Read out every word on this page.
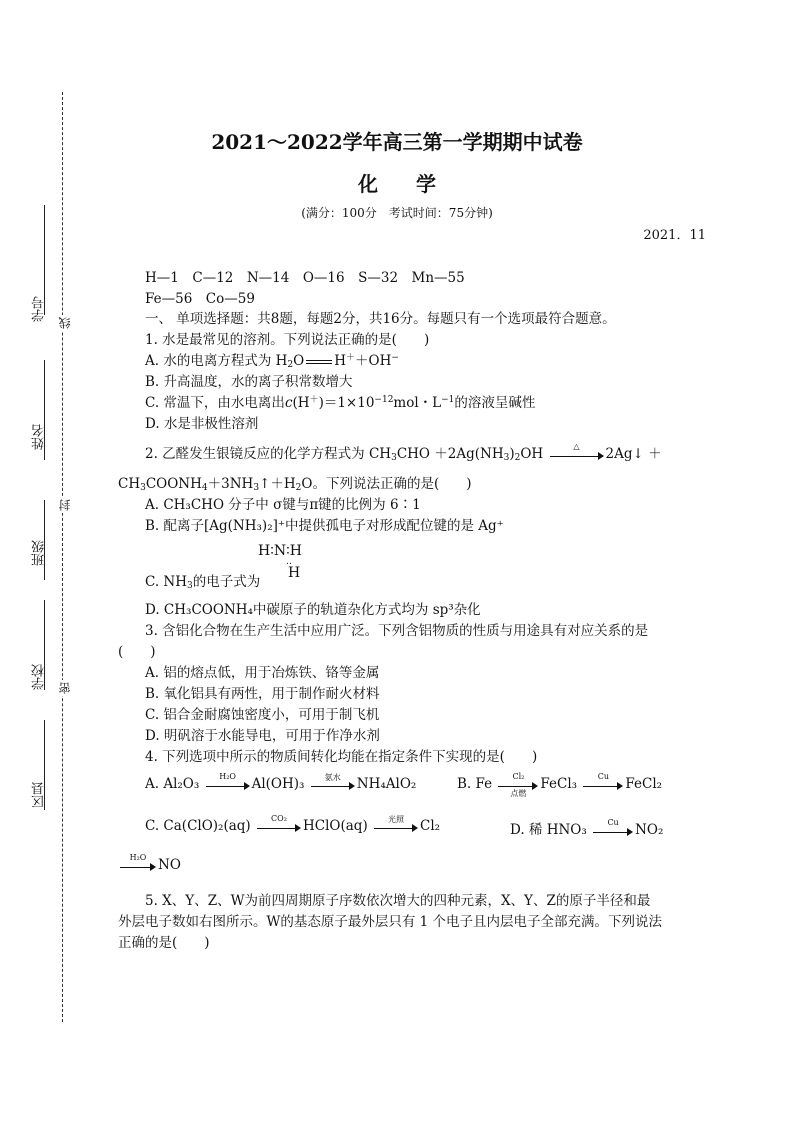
学号
姓名
班级
学校
区县
线
封
密
2021～2022学年高三第一学期期中试卷
化学
(满分：100分　考试时间：75分钟)
2021．11
H—1　C—12　N—14　O—16　S—32　Mn—55
Fe—56　Co—59
一、 单项选择题：共8题，每题2分，共16分。每题只有一个选项最符合题意。
1. 水是最常见的溶剂。下列说法正确的是(　　)
A. 水的电离方程式为 $H_2O$ H＋＋OH−
B. 升高温度，水的离子积常数增大
C. 常温下，由水电离出$c(H^+)=1\times 10^{-12}mol$・$L^{-1}$的溶液呈碱性
D. 水是非极性溶剂
2. 乙醛发生银镜反应的化学方程式为 $CH_3CHO +2Ag(NH_3)_2OH$	△	2Ag↓ ＋
$CH_3COONH_4+3NH_3↑+H_2O$。下列说法正确的是(　　)
A. CH₃CHO 分子中 σ键与π键的比例为 6∶1
B. 配离子[Ag(NH₃)₂]⁺中提供孤电子对形成配位键的是 Ag⁺
H∶N∶H
‥
H
C. $NH_3$的电子式为
D. CH₃COONH₄中碳原子的轨道杂化方式均为 sp³杂化
3. 含铝化合物在生产生活中应用广泛。下列含铝物质的性质与用途具有对应关系的是
(　　)
A. 铝的熔点低，用于冶炼铁、铬等金属
B. 氧化铝具有两性，用于制作耐火材料
C. 铝合金耐腐蚀密度小，可用于制飞机
D. 明矾溶于水能导电，可用于作净水剂
4. 下列选项中所示的物质间转化均能在指定条件下实现的是(　　)
A. Al₂O₃	H₂O	Al(OH)₃	氨水	NH₄AlO₂	B. Fe	Cl₂
点燃
FeCl₃	Cu	FeCl₂
C. Ca(ClO)₂(aq)	CO₂	HClO(aq)	光照	Cl₂	D. 稀 HNO₃	Cu	NO₂
H₂O NO
5. X、Y、Z、W为前四周期原子序数依次增大的四种元素，X、Y、Z的原子半径和最
外层电子数如右图所示。W的基态原子最外层只有 1 个电子且内层电子全部充满。下列说法
正确的是(　　)
